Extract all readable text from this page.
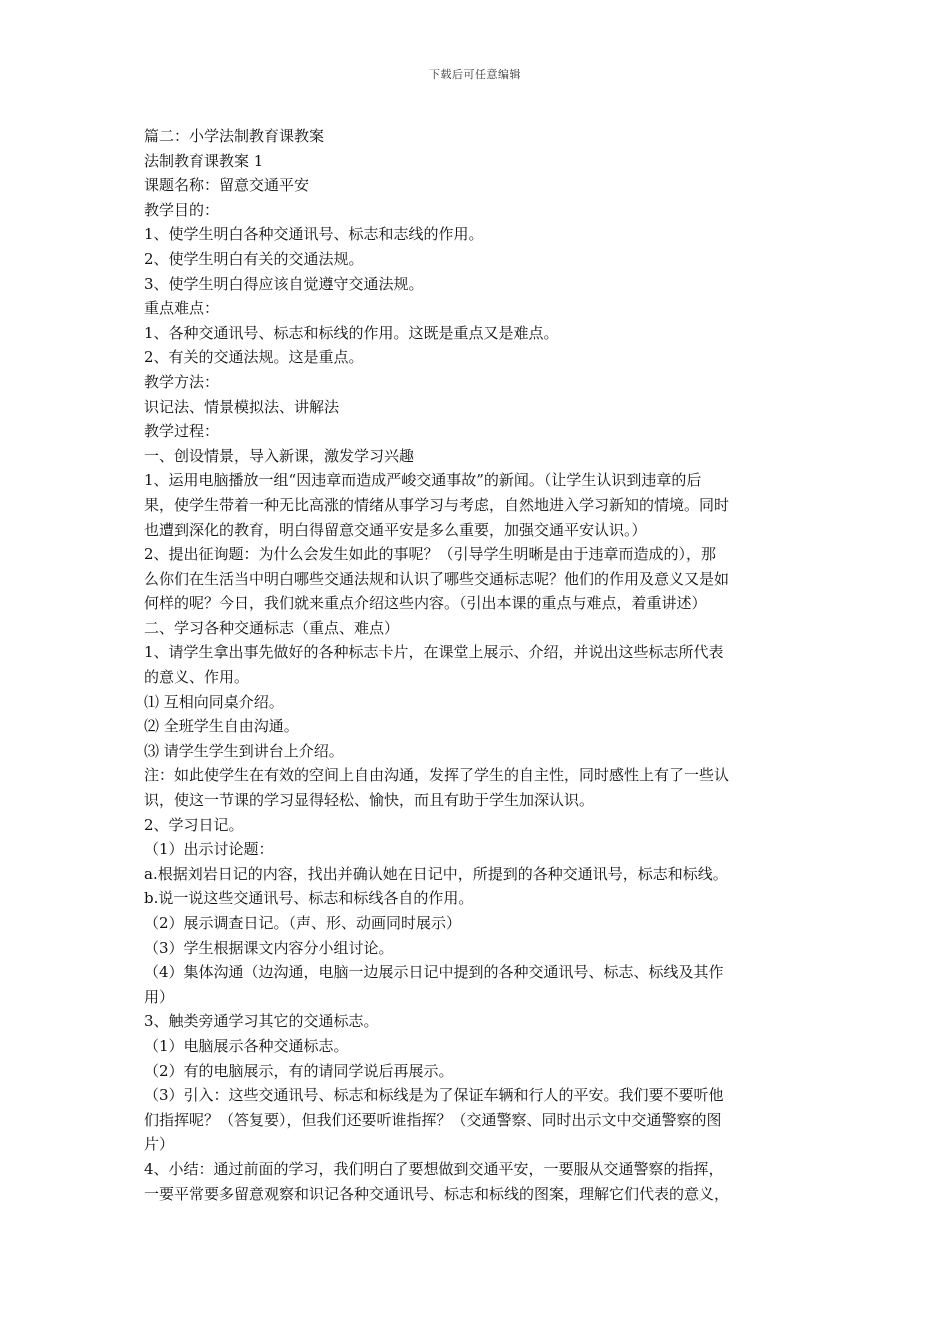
下载后可任意编辑
篇二：小学法制教育课教案
法制教育课教案 1
课题名称：留意交通平安
教学目的：
1、使学生明白各种交通讯号、标志和志线的作用。
2、使学生明白有关的交通法规。
3、使学生明白得应该自觉遵守交通法规。
重点难点：
1、各种交通讯号、标志和标线的作用。这既是重点又是难点。
2、有关的交通法规。这是重点。
教学方法：
识记法、情景模拟法、讲解法
教学过程：
一、创设情景，导入新课，激发学习兴趣
1、运用电脑播放一组“因违章而造成严峻交通事故”的新闻。（让学生认识到违章的后
果，使学生带着一种无比高涨的情绪从事学习与考虑，自然地进入学习新知的情境。同时
也遭到深化的教育，明白得留意交通平安是多么重要，加强交通平安认识。）
2、提出征询题：为什么会发生如此的事呢？（引导学生明晰是由于违章而造成的），那
么你们在生活当中明白哪些交通法规和认识了哪些交通标志呢？他们的作用及意义又是如
何样的呢？今日，我们就来重点介绍这些内容。（引出本课的重点与难点，着重讲述）
二、学习各种交通标志（重点、难点）
1、请学生拿出事先做好的各种标志卡片，在课堂上展示、介绍，并说出这些标志所代表
的意义、作用。
⑴ 互相向同桌介绍。
⑵ 全班学生自由沟通。
⑶ 请学生学生到讲台上介绍。
注：如此使学生在有效的空间上自由沟通，发挥了学生的自主性，同时感性上有了一些认
识，使这一节课的学习显得轻松、愉快，而且有助于学生加深认识。
2、学习日记。
（1）出示讨论题：
a.根据刘岩日记的内容，找出并确认她在日记中，所提到的各种交通讯号，标志和标线。
b.说一说这些交通讯号、标志和标线各自的作用。
（2）展示调查日记。（声、形、动画同时展示）
（3）学生根据课文内容分小组讨论。
（4）集体沟通（边沟通，电脑一边展示日记中提到的各种交通讯号、标志、标线及其作
用）
3、触类旁通学习其它的交通标志。
（1）电脑展示各种交通标志。
（2）有的电脑展示，有的请同学说后再展示。
（3）引入：这些交通讯号、标志和标线是为了保证车辆和行人的平安。我们要不要听他
们指挥呢？（答复要），但我们还要听谁指挥？（交通警察、同时出示文中交通警察的图
片）
4、小结：通过前面的学习，我们明白了要想做到交通平安，一要服从交通警察的指挥，
一要平常要多留意观察和识记各种交通讯号、标志和标线的图案，理解它们代表的意义，
